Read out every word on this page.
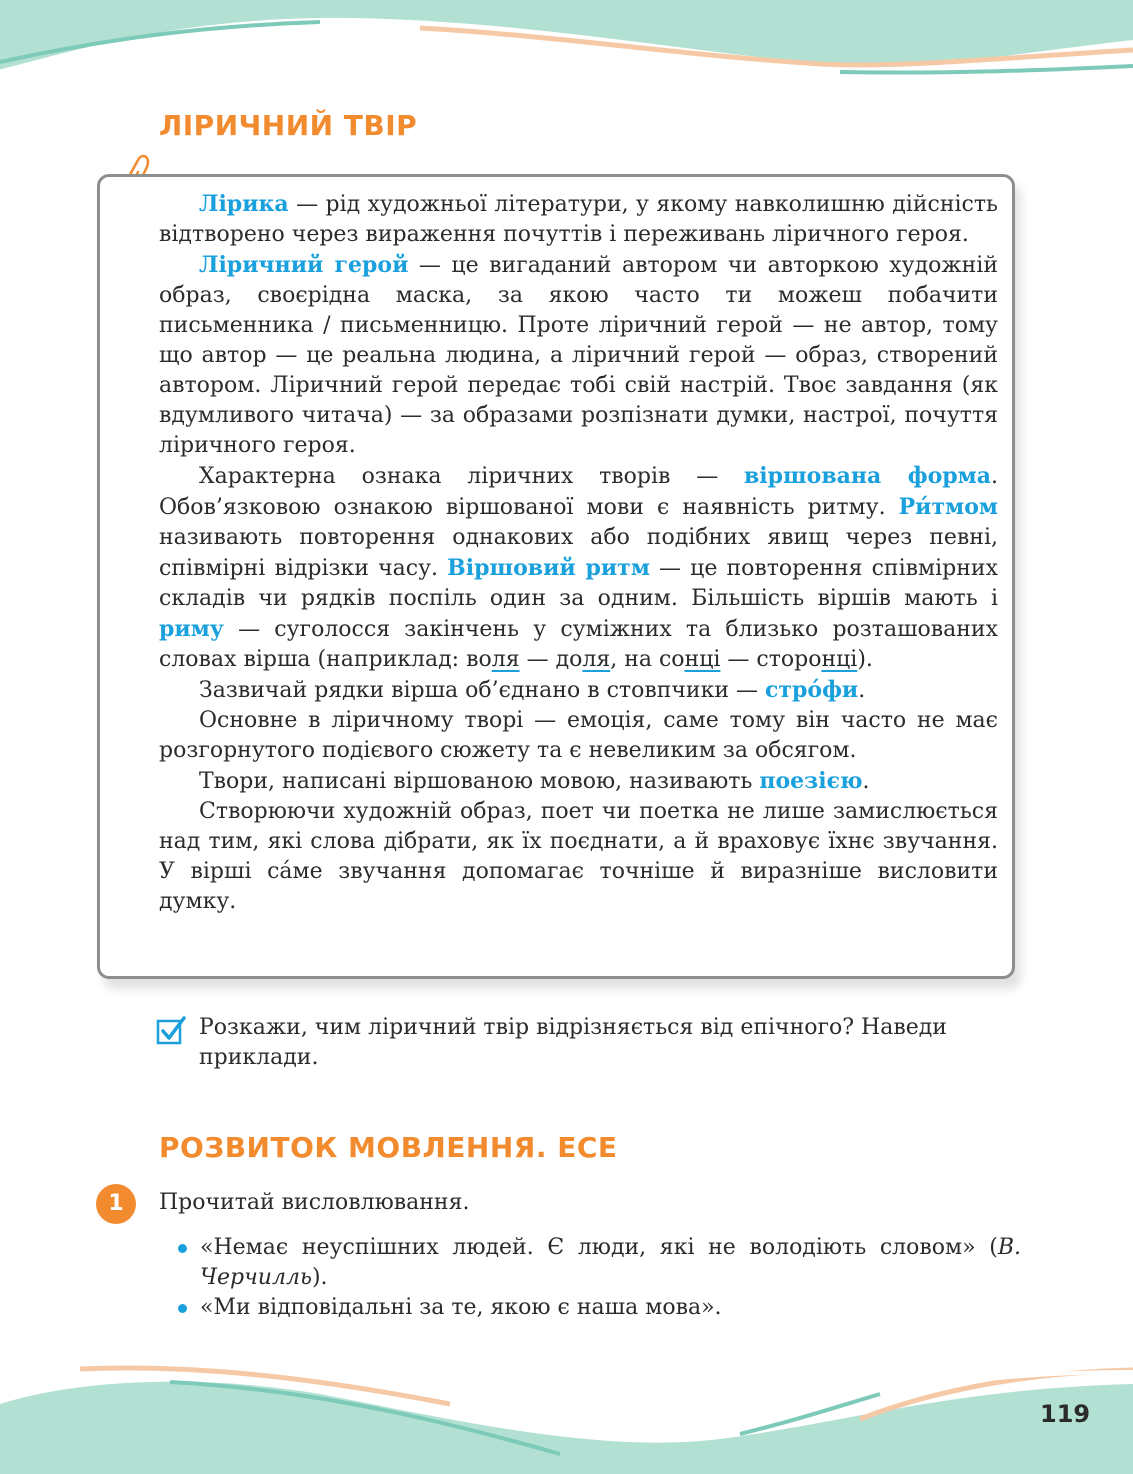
ЛІРИЧНИЙ ТВІР

Лірика — рід художньої літератури, у якому навколишню дійсність відтворено через вираження почуттів і переживань ліричного героя.

Ліричний герой — це вигаданий автором чи авторкою художній образ, своєрідна маска, за якою часто ти можеш побачити письменника / письменницю. Проте ліричний герой — не автор, тому що автор — це реальна людина, а ліричний герой — образ, створений автором. Ліричний герой передає тобі свій настрій. Твоє завдання (як вдумливого читача) — за образами розпізнати думки, настрої, почуття ліричного героя.

Характерна ознака ліричних творів — віршована форма. Обов’язковою ознакою віршованої мови є наявність ритму. Ри́тмом називають повторення однакових або подібних явищ через певні, співмірні відрізки часу. Віршовий ритм — це повторення співмірних складів чи рядків поспіль один за одним. Більшість віршів мають і риму — суголосся закінчень у суміжних та близько розташованих словах вірша (наприклад: воля — доля, на сонці — сторонці).

Зазвичай рядки вірша об’єднано в стовпчики — стро́фи.

Основне в ліричному творі — емоція, саме тому він часто не має розгорнутого подієвого сюжету та є невеликим за обсягом.

Твори, написані віршованою мовою, називають поезією.

Створюючи художній образ, поет чи поетка не лише замислюється над тим, які слова дібрати, як їх поєднати, а й враховує їхнє звучання. У вірші са́ме звучання допомагає точніше й виразніше висловити думку.

Розкажи, чим ліричний твір відрізняється від епічного? Наведи приклади.

РОЗВИТОК МОВЛЕННЯ. ЕСЕ
1	Прочитай висловлювання.

«Немає неуспішних людей. Є люди, які не володіють словом» (В. Черчилль).
«Ми відповідальні за те, якою є наша мова».
119
